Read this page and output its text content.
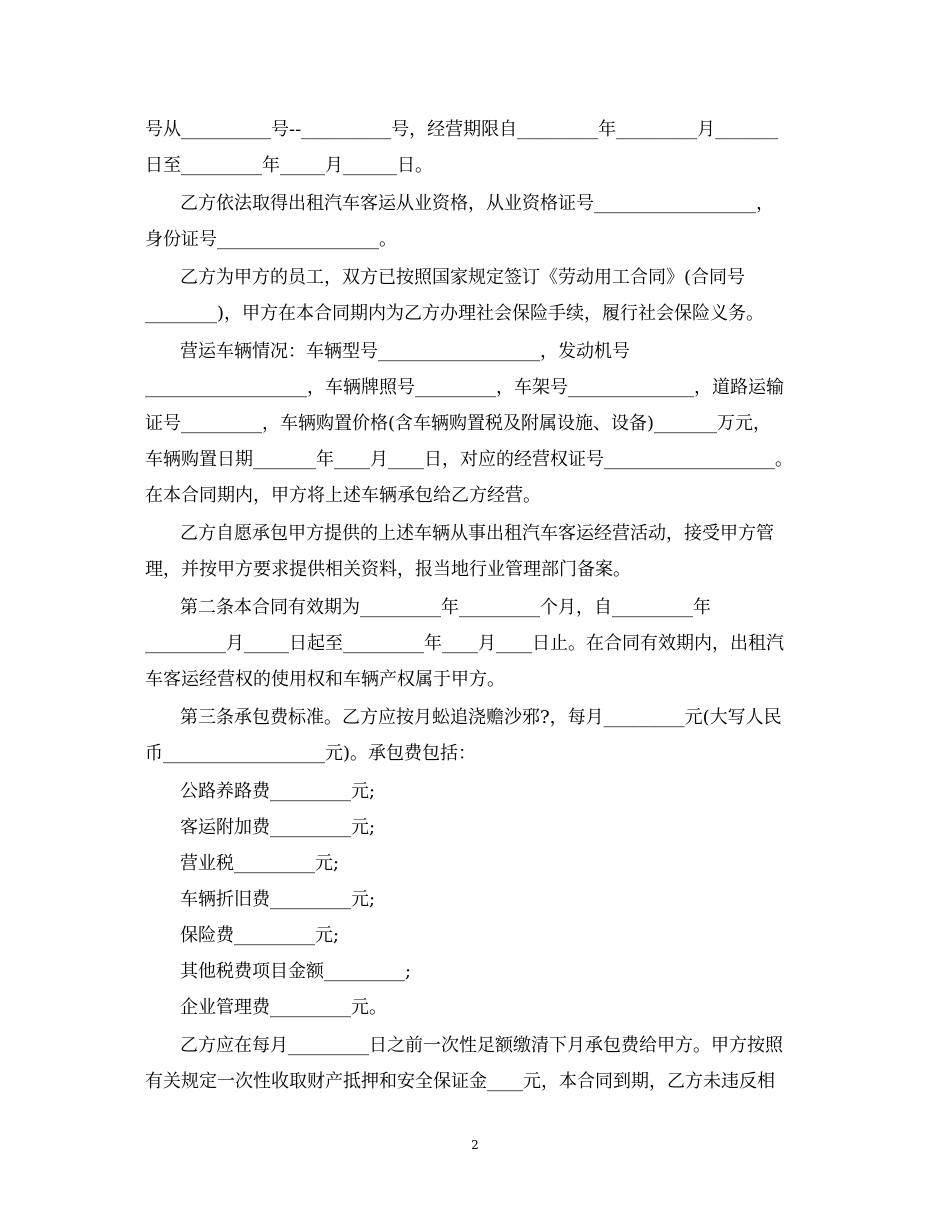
号从__________号--__________号，经营期限自_________年_________月_______
日至_________年_____月______日。
乙方依法取得出租汽车客运从业资格，从业资格证号__________________，
身份证号__________________。
乙方为甲方的员工，双方已按照国家规定签订《劳动用工合同》(合同号
________)，甲方在本合同期内为乙方办理社会保险手续，履行社会保险义务。
营运车辆情况：车辆型号__________________，发动机号
__________________，车辆牌照号_________，车架号______________，道路运输
证号_________，车辆购置价格(含车辆购置税及附属设施、设备)_______万元，
车辆购置日期_______年____月____日，对应的经营权证号___________________。
在本合同期内，甲方将上述车辆承包给乙方经营。
乙方自愿承包甲方提供的上述车辆从事出租汽车客运经营活动，接受甲方管
理，并按甲方要求提供相关资料，报当地行业管理部门备案。
第二条本合同有效期为_________年_________个月，自_________年
_________月_____日起至_________年____月____日止。在合同有效期内，出租汽
车客运经营权的使用权和车辆产权属于甲方。
第三条承包费标准。乙方应按月蚣追浇赡沙邪?，每月_________元(大写人民
币__________________元)。承包费包括：
公路养路费_________元;
客运附加费_________元;
营业税_________元;
车辆折旧费_________元;
保险费_________元;
其他税费项目金额_________;
企业管理费_________元。
乙方应在每月_________日之前一次性足额缴清下月承包费给甲方。甲方按照
有关规定一次性收取财产抵押和安全保证金____元，本合同到期，乙方未违反相
2
